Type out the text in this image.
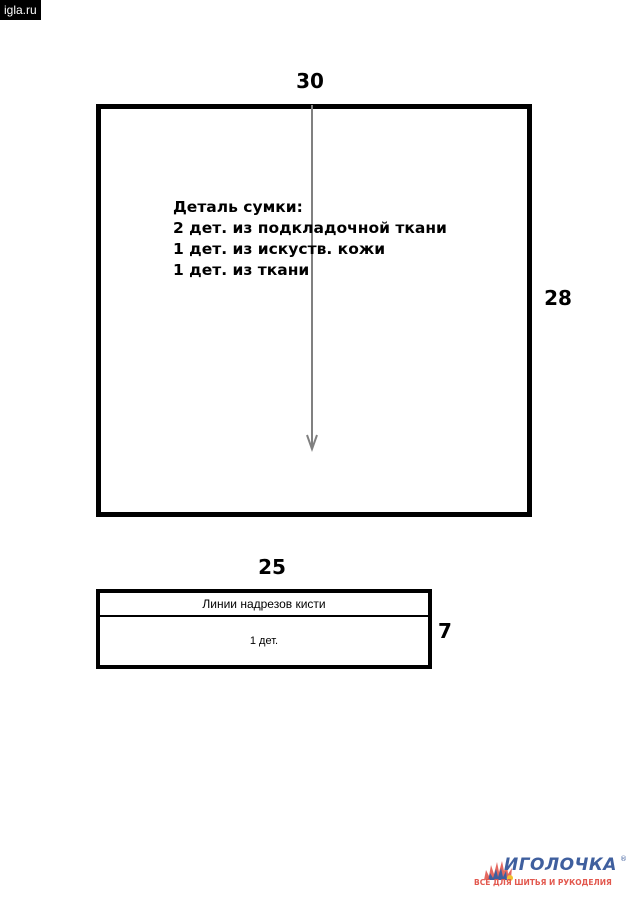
igla.ru
30
Деталь сумки:
2 дет. из подкладочной ткани
1 дет. из искуств. кожи
1 дет. из ткани
28
25
Линии надрезов кисти
1 дет.	7
ИГОЛОЧКА ®
ВСЁ ДЛЯ ШИТЬЯ И РУКОДЕЛИЯ
